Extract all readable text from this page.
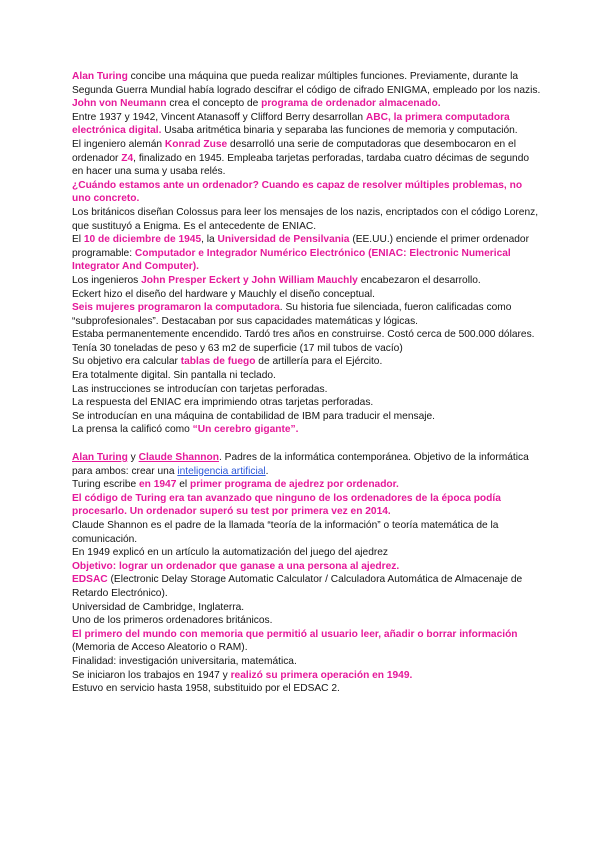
Alan Turing concibe una máquina que pueda realizar múltiples funciones. Previamente, durante la Segunda Guerra Mundial había logrado descifrar el código de cifrado ENIGMA, empleado por los nazis.

John von Neumann crea el concepto de programa de ordenador almacenado.

Entre 1937 y 1942, Vincent Atanasoff y Clifford Berry desarrollan ABC, la primera computadora electrónica digital. Usaba aritmética binaria y separaba las funciones de memoria y computación.

El ingeniero alemán Konrad Zuse desarrolló una serie de computadoras que desembocaron en el ordenador Z4, finalizado en 1945. Empleaba tarjetas perforadas, tardaba cuatro décimas de segundo en hacer una suma y usaba relés.

¿Cuándo estamos ante un ordenador? Cuando es capaz de resolver múltiples problemas, no uno concreto.

Los británicos diseñan Colossus para leer los mensajes de los nazis, encriptados con el código Lorenz, que sustituyó a Enigma. Es el antecedente de ENIAC.

El 10 de diciembre de 1945, la Universidad de Pensilvania (EE.UU.) enciende el primer ordenador programable: Computador e Integrador Numérico Electrónico (ENIAC: Electronic Numerical Integrator And Computer).

Los ingenieros John Presper Eckert y John William Mauchly encabezaron el desarrollo.

Eckert hizo el diseño del hardware y Mauchly el diseño conceptual.

Seis mujeres programaron la computadora. Su historia fue silenciada, fueron calificadas como “subprofesionales”. Destacaban por sus capacidades matemáticas y lógicas.

Estaba permanentemente encendido. Tardó tres años en construirse. Costó cerca de 500.000 dólares. Tenía 30 toneladas de peso y 63 m2 de superficie (17 mil tubos de vacío)

Su objetivo era calcular tablas de fuego de artillería para el Ejército.

Era totalmente digital. Sin pantalla ni teclado.

Las instrucciones se introducían con tarjetas perforadas.

La respuesta del ENIAC era imprimiendo otras tarjetas perforadas.

Se introducían en una máquina de contabilidad de IBM para traducir el mensaje.

La prensa la calificó como “Un cerebro gigante”.

Alan Turing y Claude Shannon. Padres de la informática contemporánea. Objetivo de la informática para ambos: crear una inteligencia artificial.

Turing escribe en 1947 el primer programa de ajedrez por ordenador.

El código de Turing era tan avanzado que ninguno de los ordenadores de la época podía procesarlo. Un ordenador superó su test por primera vez en 2014.

Claude Shannon es el padre de la llamada “teoría de la información” o teoría matemática de la comunicación.

En 1949 explicó en un artículo la automatización del juego del ajedrez

Objetivo: lograr un ordenador que ganase a una persona al ajedrez.

EDSAC (Electronic Delay Storage Automatic Calculator / Calculadora Automática de Almacenaje de Retardo Electrónico).

Universidad de Cambridge, Inglaterra.

Uno de los primeros ordenadores británicos.

El primero del mundo con memoria que permitió al usuario leer, añadir o borrar información (Memoria de Acceso Aleatorio o RAM).

Finalidad: investigación universitaria, matemática.

Se iniciaron los trabajos en 1947 y realizó su primera operación en 1949.

Estuvo en servicio hasta 1958, substituido por el EDSAC 2.
